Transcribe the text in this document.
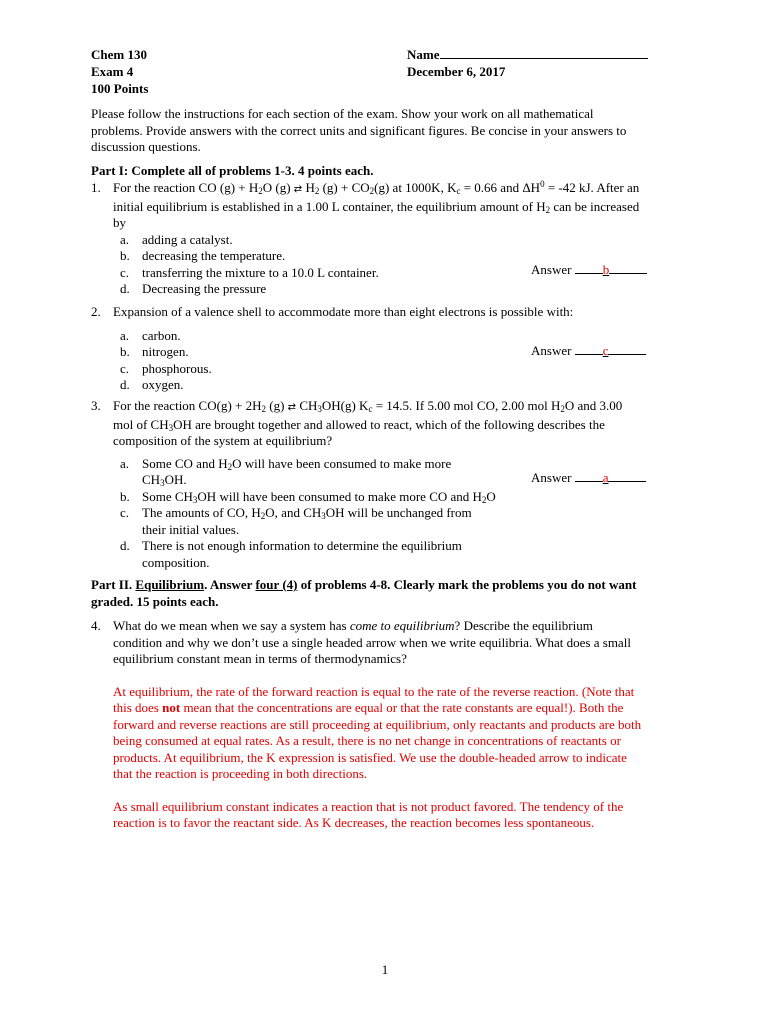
Chem 130
Exam 4
100 Points
Name
December 6, 2017
Please follow the instructions for each section of the exam. Show your work on all mathematical
problems. Provide answers with the correct units and significant figures. Be concise in your answers to
discussion questions.
Part I: Complete all of problems 1-3. 4 points each.
1. For the reaction CO $(g) + H_2O$ (g) ⇄ $H_2$ $(g) + CO_2(g)$ at 1000K, $K_c = 0.66$ and $\Delta H^0 = -42$ kJ. After an
initial equilibrium is established in a 1.00 L container, the equilibrium amount of $H_2$ can be increased
by
a. adding a catalyst.
b. decreasing the temperature.
c. transferring the mixture to a 10.0 L container.
d. Decreasing the pressure
Answer b
2. Expansion of a valence shell to accommodate more than eight electrons is possible with:
a. carbon.
b. nitrogen.
c. phosphorous.
d. oxygen.
Answer c
3. For the reaction $CO(g) + 2H_2$ (g) ⇄ $CH_3OH(g) K_c = 14.5$. If 5.00 mol CO, 2.00 mol $H_2O$ and 3.00
mol of $CH_3OH$ are brought together and allowed to react, which of the following describes the
composition of the system at equilibrium?
a. Some CO and $H_2O$ will have been consumed to make more
$CH_3OH$.
b. Some $CH_3OH$ will have been consumed to make more CO and $H_2O$
c. The amounts of CO, $H_2O$, and $CH_3OH$ will be unchanged from
their initial values.
d. There is not enough information to determine the equilibrium
composition.
Answer a
Part II. Equilibrium. Answer four (4) of problems 4-8. Clearly mark the problems you do not want
graded. 15 points each.
4. What do we mean when we say a system has come to equilibrium? Describe the equilibrium
condition and why we don’t use a single headed arrow when we write equilibria. What does a small
equilibrium constant mean in terms of thermodynamics?
At equilibrium, the rate of the forward reaction is equal to the rate of the reverse reaction. (Note that
this does not mean that the concentrations are equal or that the rate constants are equal!). Both the
forward and reverse reactions are still proceeding at equilibrium, only reactants and products are both
being consumed at equal rates. As a result, there is no net change in concentrations of reactants or
products. At equilibrium, the K expression is satisfied. We use the double-headed arrow to indicate
that the reaction is proceeding in both directions.
As small equilibrium constant indicates a reaction that is not product favored. The tendency of the
reaction is to favor the reactant side. As K decreases, the reaction becomes less spontaneous.
1
